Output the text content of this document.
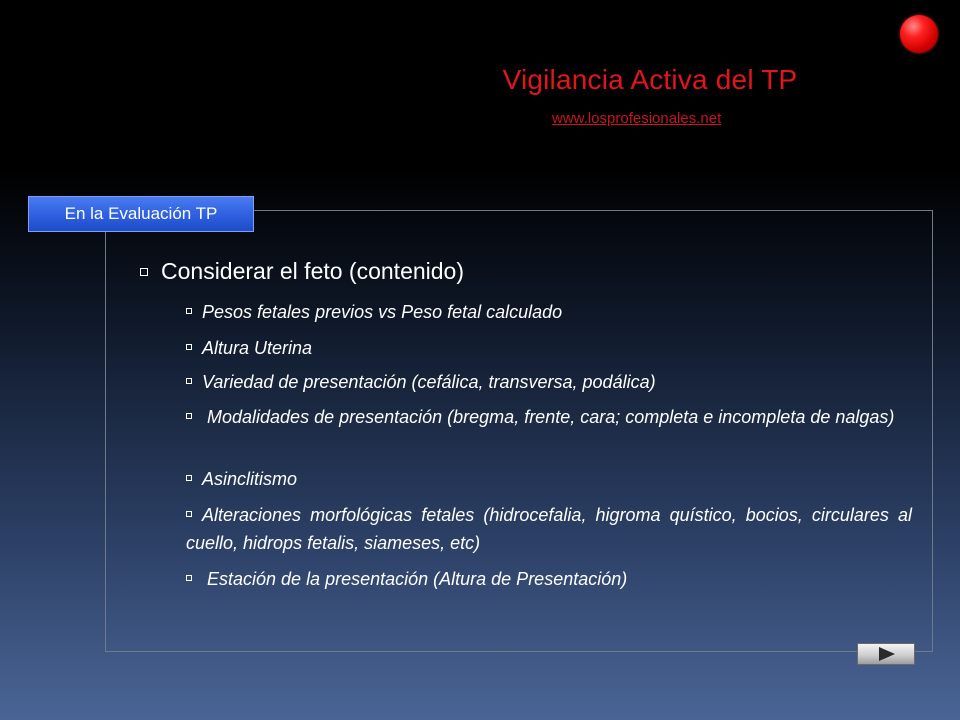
Vigilancia Activa del TP
www.losprofesionales.net
En la Evaluación TP
Considerar el feto (contenido)
Pesos fetales previos vs Peso fetal calculado
Altura Uterina
Variedad de presentación (cefálica, transversa, podálica)
Modalidades de presentación (bregma, frente, cara; completa e incompleta de nalgas)
Asinclitismo
Alteraciones morfológicas fetales (hidrocefalia, higroma quístico, bocios, circulares al cuello, hidrops fetalis, siameses, etc)
Estación de la presentación (Altura de Presentación)
